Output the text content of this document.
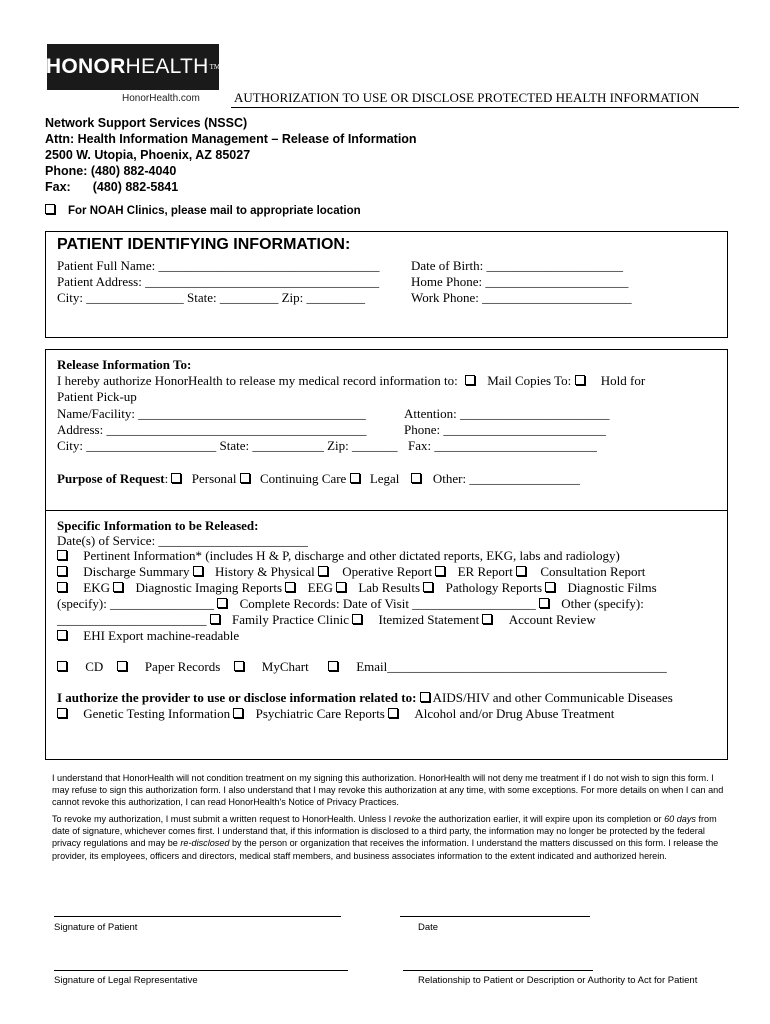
HONOR HEALTH TM
HonorHealth.com	AUTHORIZATION TO USE OR DISCLOSE PROTECTED HEALTH INFORMATION
Network Support Services (NSSC)
Attn: Health Information Management – Release of Information
2500 W. Utopia, Phoenix, AZ 85027
Phone: (480) 882-4040
Fax: (480) 882-5841
For NOAH Clinics, please mail to appropriate location
PATIENT IDENTIFYING INFORMATION:
Patient Full Name: __________________________________ Date of Birth: _____________________
Patient Address: ____________________________________ Home Phone: ______________________
City: _______________ State: _________ Zip: _________	Work Phone: _______________________
Release Information To:
I hereby authorize HonorHealth to release my medical record information to: Mail Copies To: Hold for
Patient Pick-up
Name/Facility: ___________________________________	Attention: _______________________
Address: ________________________________________	Phone: _________________________
City: ____________________ State: ___________ Zip: _______ Fax: _________________________
Purpose of Request: Personal Continuing Care Legal	Other: _________________
Specific Information to be Released:
Date(s) of Service: _______________________
Pertinent Information* (includes H & P, discharge and other dictated reports, EKG, labs and radiology)
Discharge Summary History & Physical Operative Report ER Report Consultation Report
EKG Diagnostic Imaging Reports EEG Lab Results Pathology Reports Diagnostic Films
(specify): ________________ Complete Records: Date of Visit ___________________ Other (specify):
_______________________ Family Practice Clinic Itemized Statement Account Review
EHI Export machine-readable
CD	Paper Records	MyChart	Email___________________________________________
I authorize the provider to use or disclose information related to: AIDS/HIV and other Communicable Diseases
Genetic Testing Information Psychiatric Care Reports Alcohol and/or Drug Abuse Treatment
I understand that HonorHealth will not condition treatment on my signing this authorization. HonorHealth will not deny me treatment if I do not wish to sign this form. I may refuse to sign this authorization form. I also understand that I may revoke this authorization at any time, with some exceptions. For more details on when I can and cannot revoke this authorization, I can read HonorHealth's Notice of Privacy Practices.
To revoke my authorization, I must submit a written request to HonorHealth. Unless I revoke the authorization earlier, it will expire upon its completion or 60 days from date of signature, whichever comes first. I understand that, if this information is disclosed to a third party, the information may no longer be protected by the federal privacy regulations and may be re-disclosed by the person or organization that receives the information. I understand the matters discussed on this form. I release the provider, its employees, officers and directors, medical staff members, and business associates information to the extent indicated and authorized herein.
Signature of Patient	Date
Signature of Legal Representative	Relationship to Patient or Description or Authority to Act for Patient
